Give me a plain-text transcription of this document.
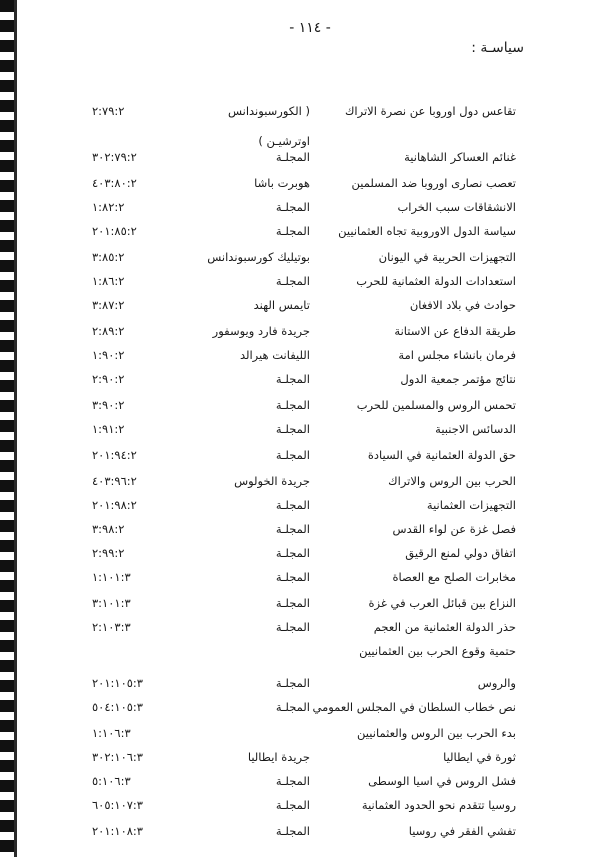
- ١١٤ -
سياسـة :
تقاعس دول اوروبا عن نصرة الاتراك
( الكورسبوندانس
٢:٧٩:٢
اوترشيـن )
غنائم العساكر الشاهانية
المجلـة
٣٠٢:٧٩:٢
تعصب نصارى اوروبا ضد المسلمين
هوبرت باشا
٤٠٣:٨٠:٢
الانشقاقات سبب الخراب
المجلـة
١:٨٢:٢
سياسة الدول الاوروبية تجاه العثمانيين
المجلـة
٢٠١:٨٥:٢
التجهيزات الحربية في اليونان
بوتيليك كورسبوندانس
٣:٨٥:٢
استعدادات الدولة العثمانية للحرب
المجلـة
١:٨٦:٢
حوادث في بلاد الافغان
تايمس الهند
٣:٨٧:٢
طريقة الدفاع عن الاستانة
جريدة فارد ويوسفور
٢:٨٩:٢
فرمان بانشاء مجلس امة
الليفانت هيرالد
١:٩٠:٢
نتائج مؤتمر جمعية الدول
المجلـة
٢:٩٠:٢
تحمس الروس والمسلمين للحرب
المجلـة
٣:٩٠:٢
الدسائس الاجنبية
المجلـة
١:٩١:٢
حق الدولة العثمانية في السيادة
المجلـة
٢٠١:٩٤:٢
الحرب بين الروس والاتراك
جريدة الخولوس
٤٠٣:٩٦:٢
التجهيزات العثمانية
المجلـة
٢٠١:٩٨:٢
فصل غزة عن لواء القدس
المجلـة
٣:٩٨:٢
اتفاق دولي لمنع الرقيق
المجلـة
٢:٩٩:٢
مخابرات الصلح مع العصاة
المجلـة
١:١٠١:٣
النزاع بين قبائل العرب في غزة
المجلـة
٣:١٠١:٣
حذر الدولة العثمانية من العجم
المجلـة
٢:١٠٣:٣
حتمية وقوع الحرب بين العثمانيين
والروس
المجلـة
٢٠١:١٠٥:٣
نص خطاب السلطان في المجلس العمومي
المجلـة
٥٠٤:١٠٥:٣
بدء الحرب بين الروس والعثمانيين
١:١٠٦:٣
ثورة في ايطاليا
جريدة ايطاليا
٣٠٢:١٠٦:٣
فشل الروس في اسيا الوسطى
المجلـة
٥:١٠٦:٣
روسيا تتقدم نحو الحدود العثمانية
المجلـة
٦٠٥:١٠٧:٣
تفشي الفقر في روسيا
المجلـة
٢٠١:١٠٨:٣
